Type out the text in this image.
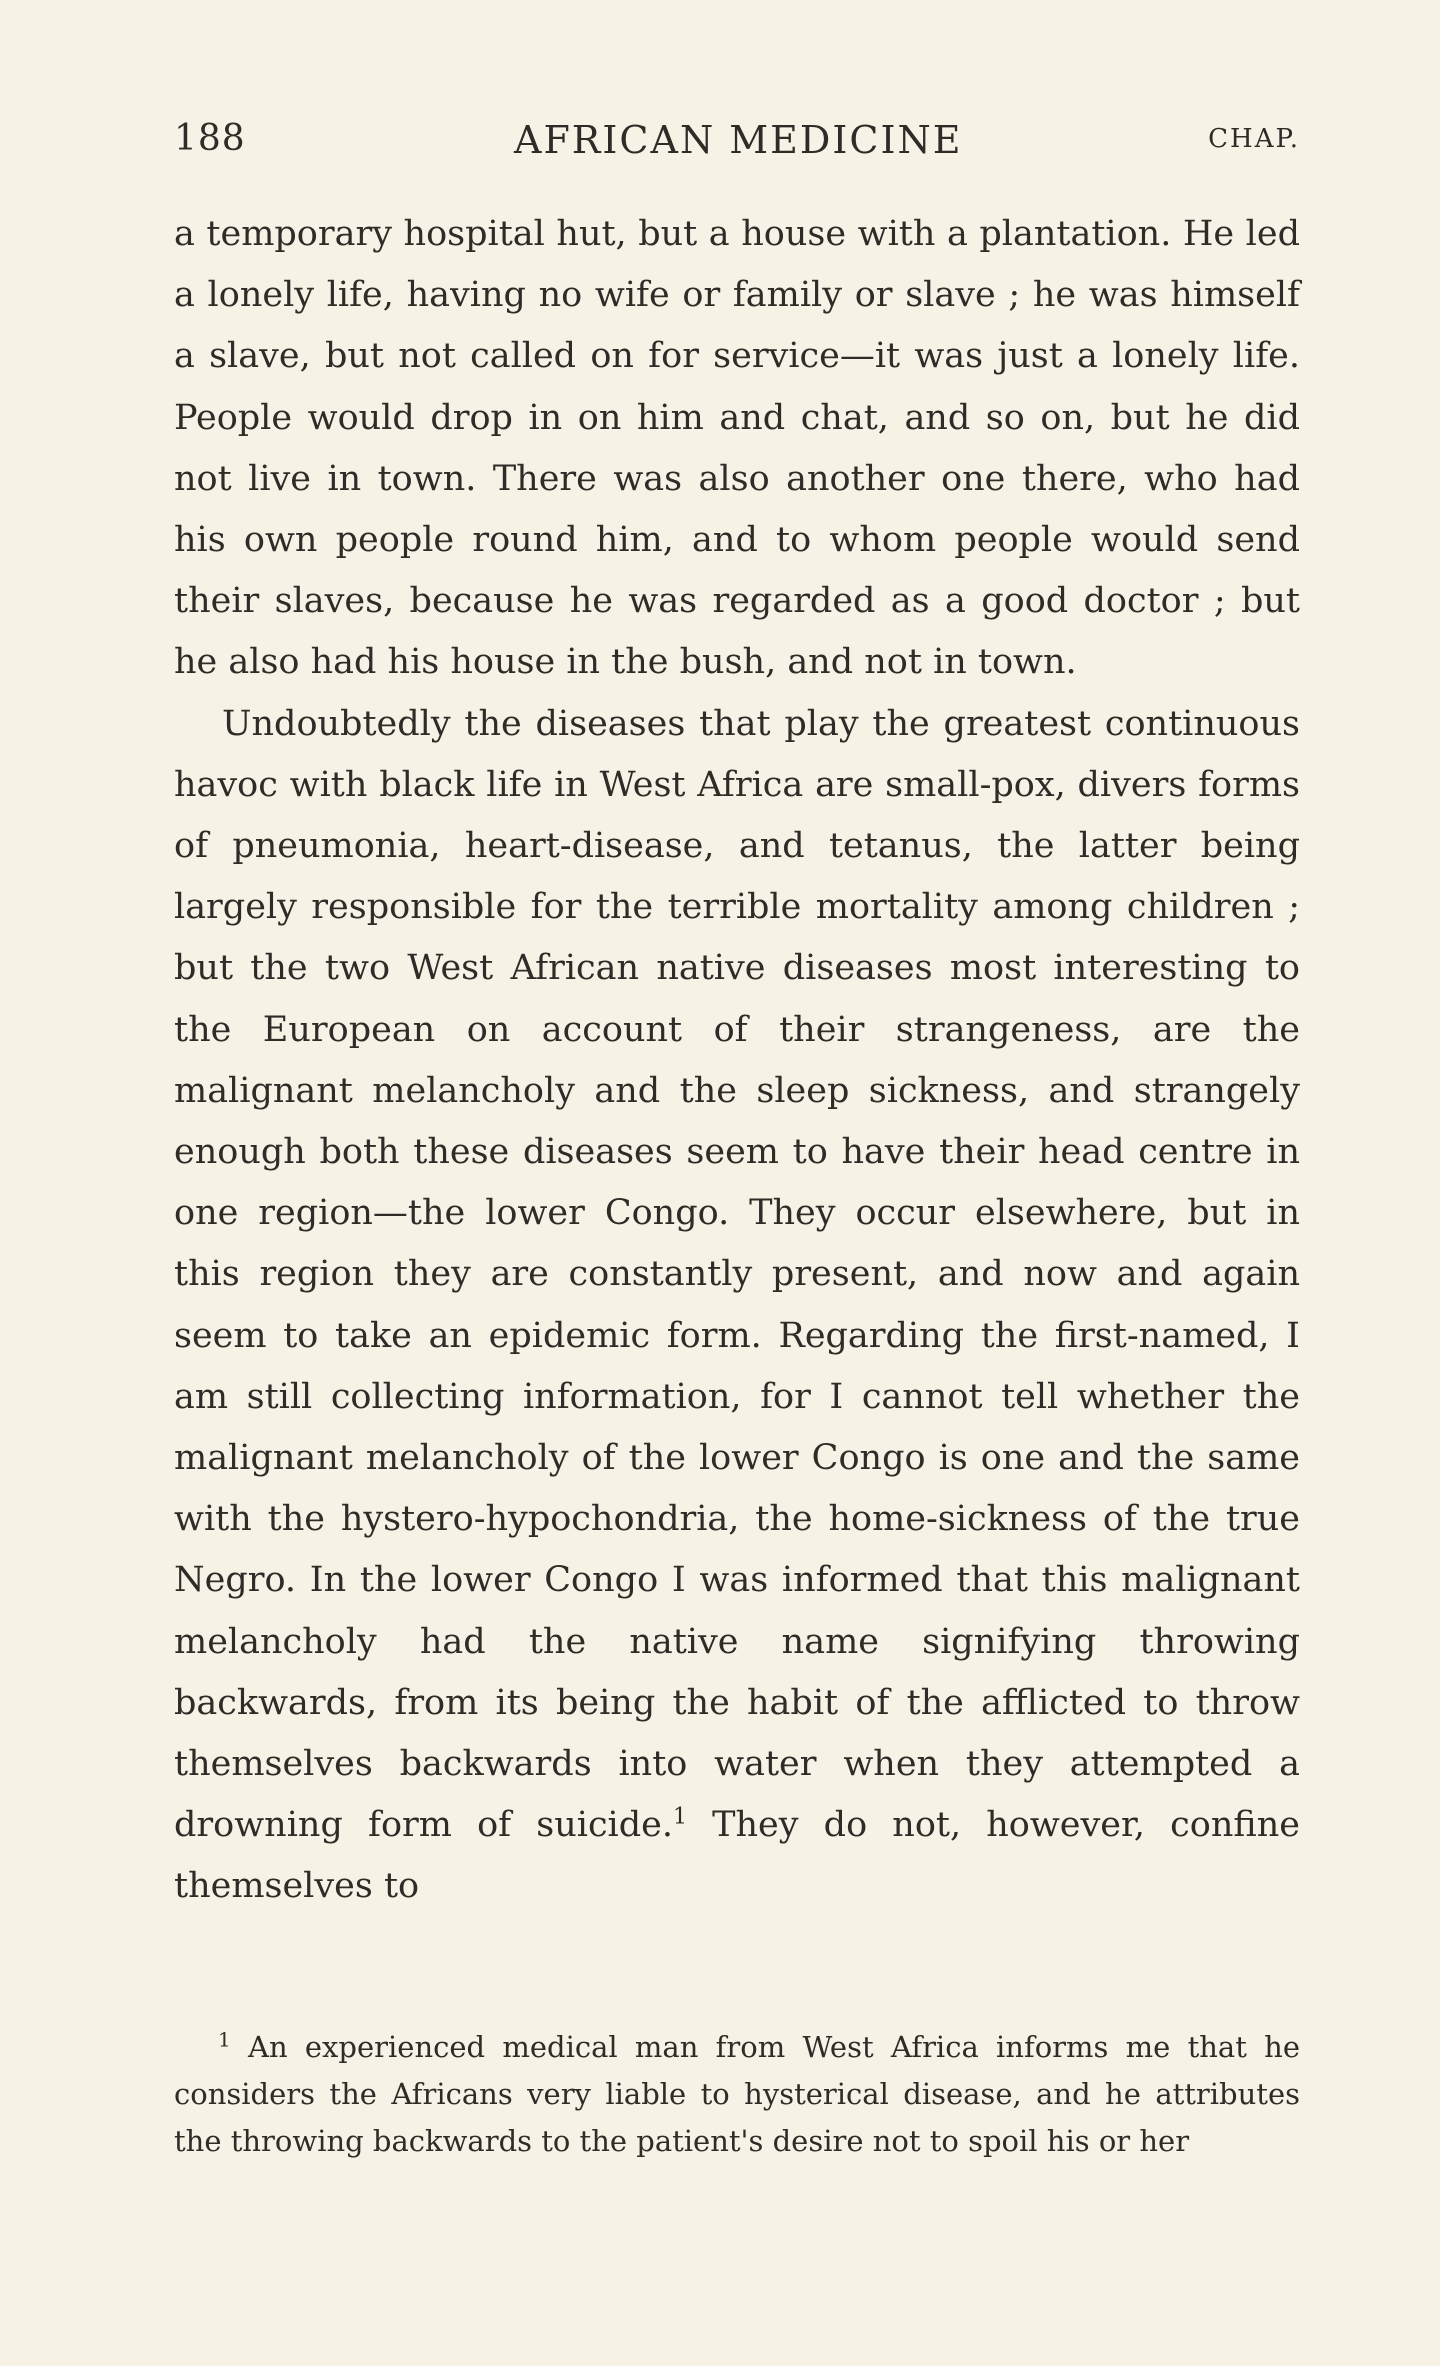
188	AFRICAN MEDICINE	CHAP.

a temporary hospital hut, but a house with a plantation. He led a lonely life, having no wife or family or slave ; he was himself a slave, but not called on for service—it was just a lonely life. People would drop in on him and chat, and so on, but he did not live in town. There was also another one there, who had his own people round him, and to whom people would send their slaves, because he was regarded as a good doctor ; but he also had his house in the bush, and not in town.

Undoubtedly the diseases that play the greatest continuous havoc with black life in West Africa are small-pox, divers forms of pneumonia, heart-disease, and tetanus, the latter being largely responsible for the terrible mortality among children ; but the two West African native diseases most interesting to the European on account of their strangeness, are the malignant melancholy and the sleep sickness, and strangely enough both these diseases seem to have their head centre in one region—the lower Congo. They occur elsewhere, but in this region they are constantly present, and now and again seem to take an epidemic form. Regarding the first-named, I am still collecting information, for I cannot tell whether the malignant melancholy of the lower Congo is one and the same with the hystero-hypochondria, the home-sickness of the true Negro. In the lower Congo I was informed that this malignant melancholy had the native name signifying throwing backwards, from its being the habit of the afflicted to throw themselves backwards into water when they attempted a drowning form of suicide.$^1$ They do not, however, confine themselves to

$^1$ An experienced medical man from West Africa informs me that he considers the Africans very liable to hysterical disease, and he attributes the throwing backwards to the patient's desire not to spoil his or her
